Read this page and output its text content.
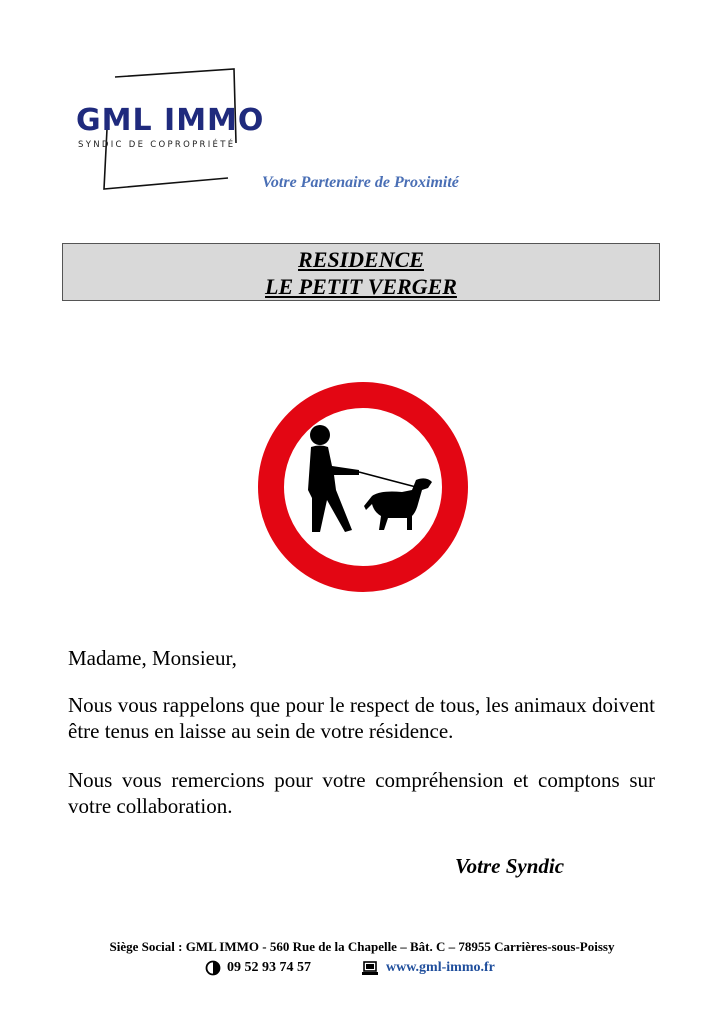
GML IMMO
SYNDIC DE COPROPRIÉTÉ
Votre Partenaire de Proximité
RESIDENCE
LE PETIT VERGER
Madame, Monsieur,
Nous vous rappelons que pour le respect de tous, les animaux doivent être tenus en laisse au sein de votre résidence.
Nous vous remercions pour votre compréhension et comptons sur votre collaboration.
Votre Syndic
Siège Social : GML IMMO - 560 Rue de la Chapelle – Bât. C – 78955 Carrières-sous-Poissy
09 52 93 74 57	www.gml-immo.fr
